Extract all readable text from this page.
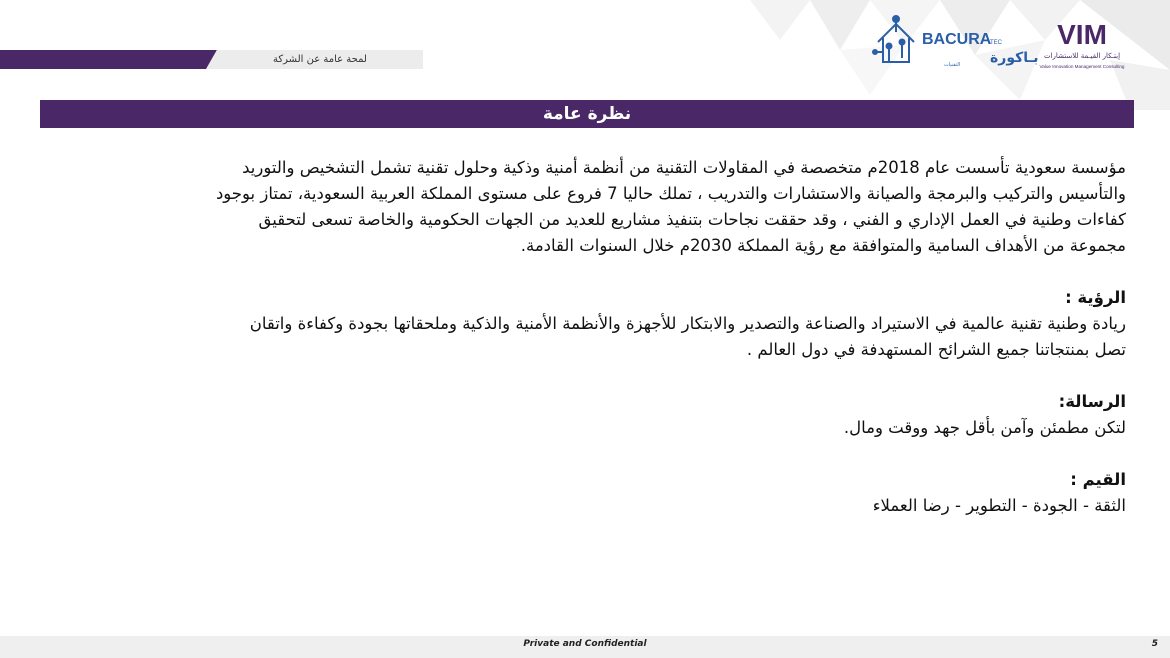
لمحة عامة عن الشركة
BACURA
TEC
بـاكورة
التقنيات
VIM
إبتـكار القيـمة للاستشارات
Value Innovation Management Consulting
نظرة عامة

مؤسسة سعودية تأسست عام 2018م متخصصة في المقاولات التقنية من أنظمة أمنية وذكية وحلول تقنية تشمل التشخيص والتوريد

والتأسيس والتركيب والبرمجة والصيانة والاستشارات والتدريب ، تملك حاليا 7 فروع على مستوى المملكة العربية السعودية، تمتاز بوجود

كفاءات وطنية في العمل الإداري و الفني ، وقد حققت نجاحات بتنفيذ مشاريع للعديد من الجهات الحكومية والخاصة تسعى لتحقيق

مجموعة من الأهداف السامية والمتوافقة مع رؤية المملكة 2030م خلال السنوات القادمة.

الرؤية :

ريادة وطنية تقنية عالمية في الاستيراد والصناعة والتصدير والابتكار للأجهزة والأنظمة الأمنية والذكية وملحقاتها بجودة وكفاءة واتقان

تصل بمنتجاتنا جميع الشرائح المستهدفة في دول العالم .

الرسالة:

لتكن مطمئن وآمن بأقل جهد ووقت ومال.

القيم :

الثقة - الجودة - التطوير - رضا العملاء

Private and Confidential	5
